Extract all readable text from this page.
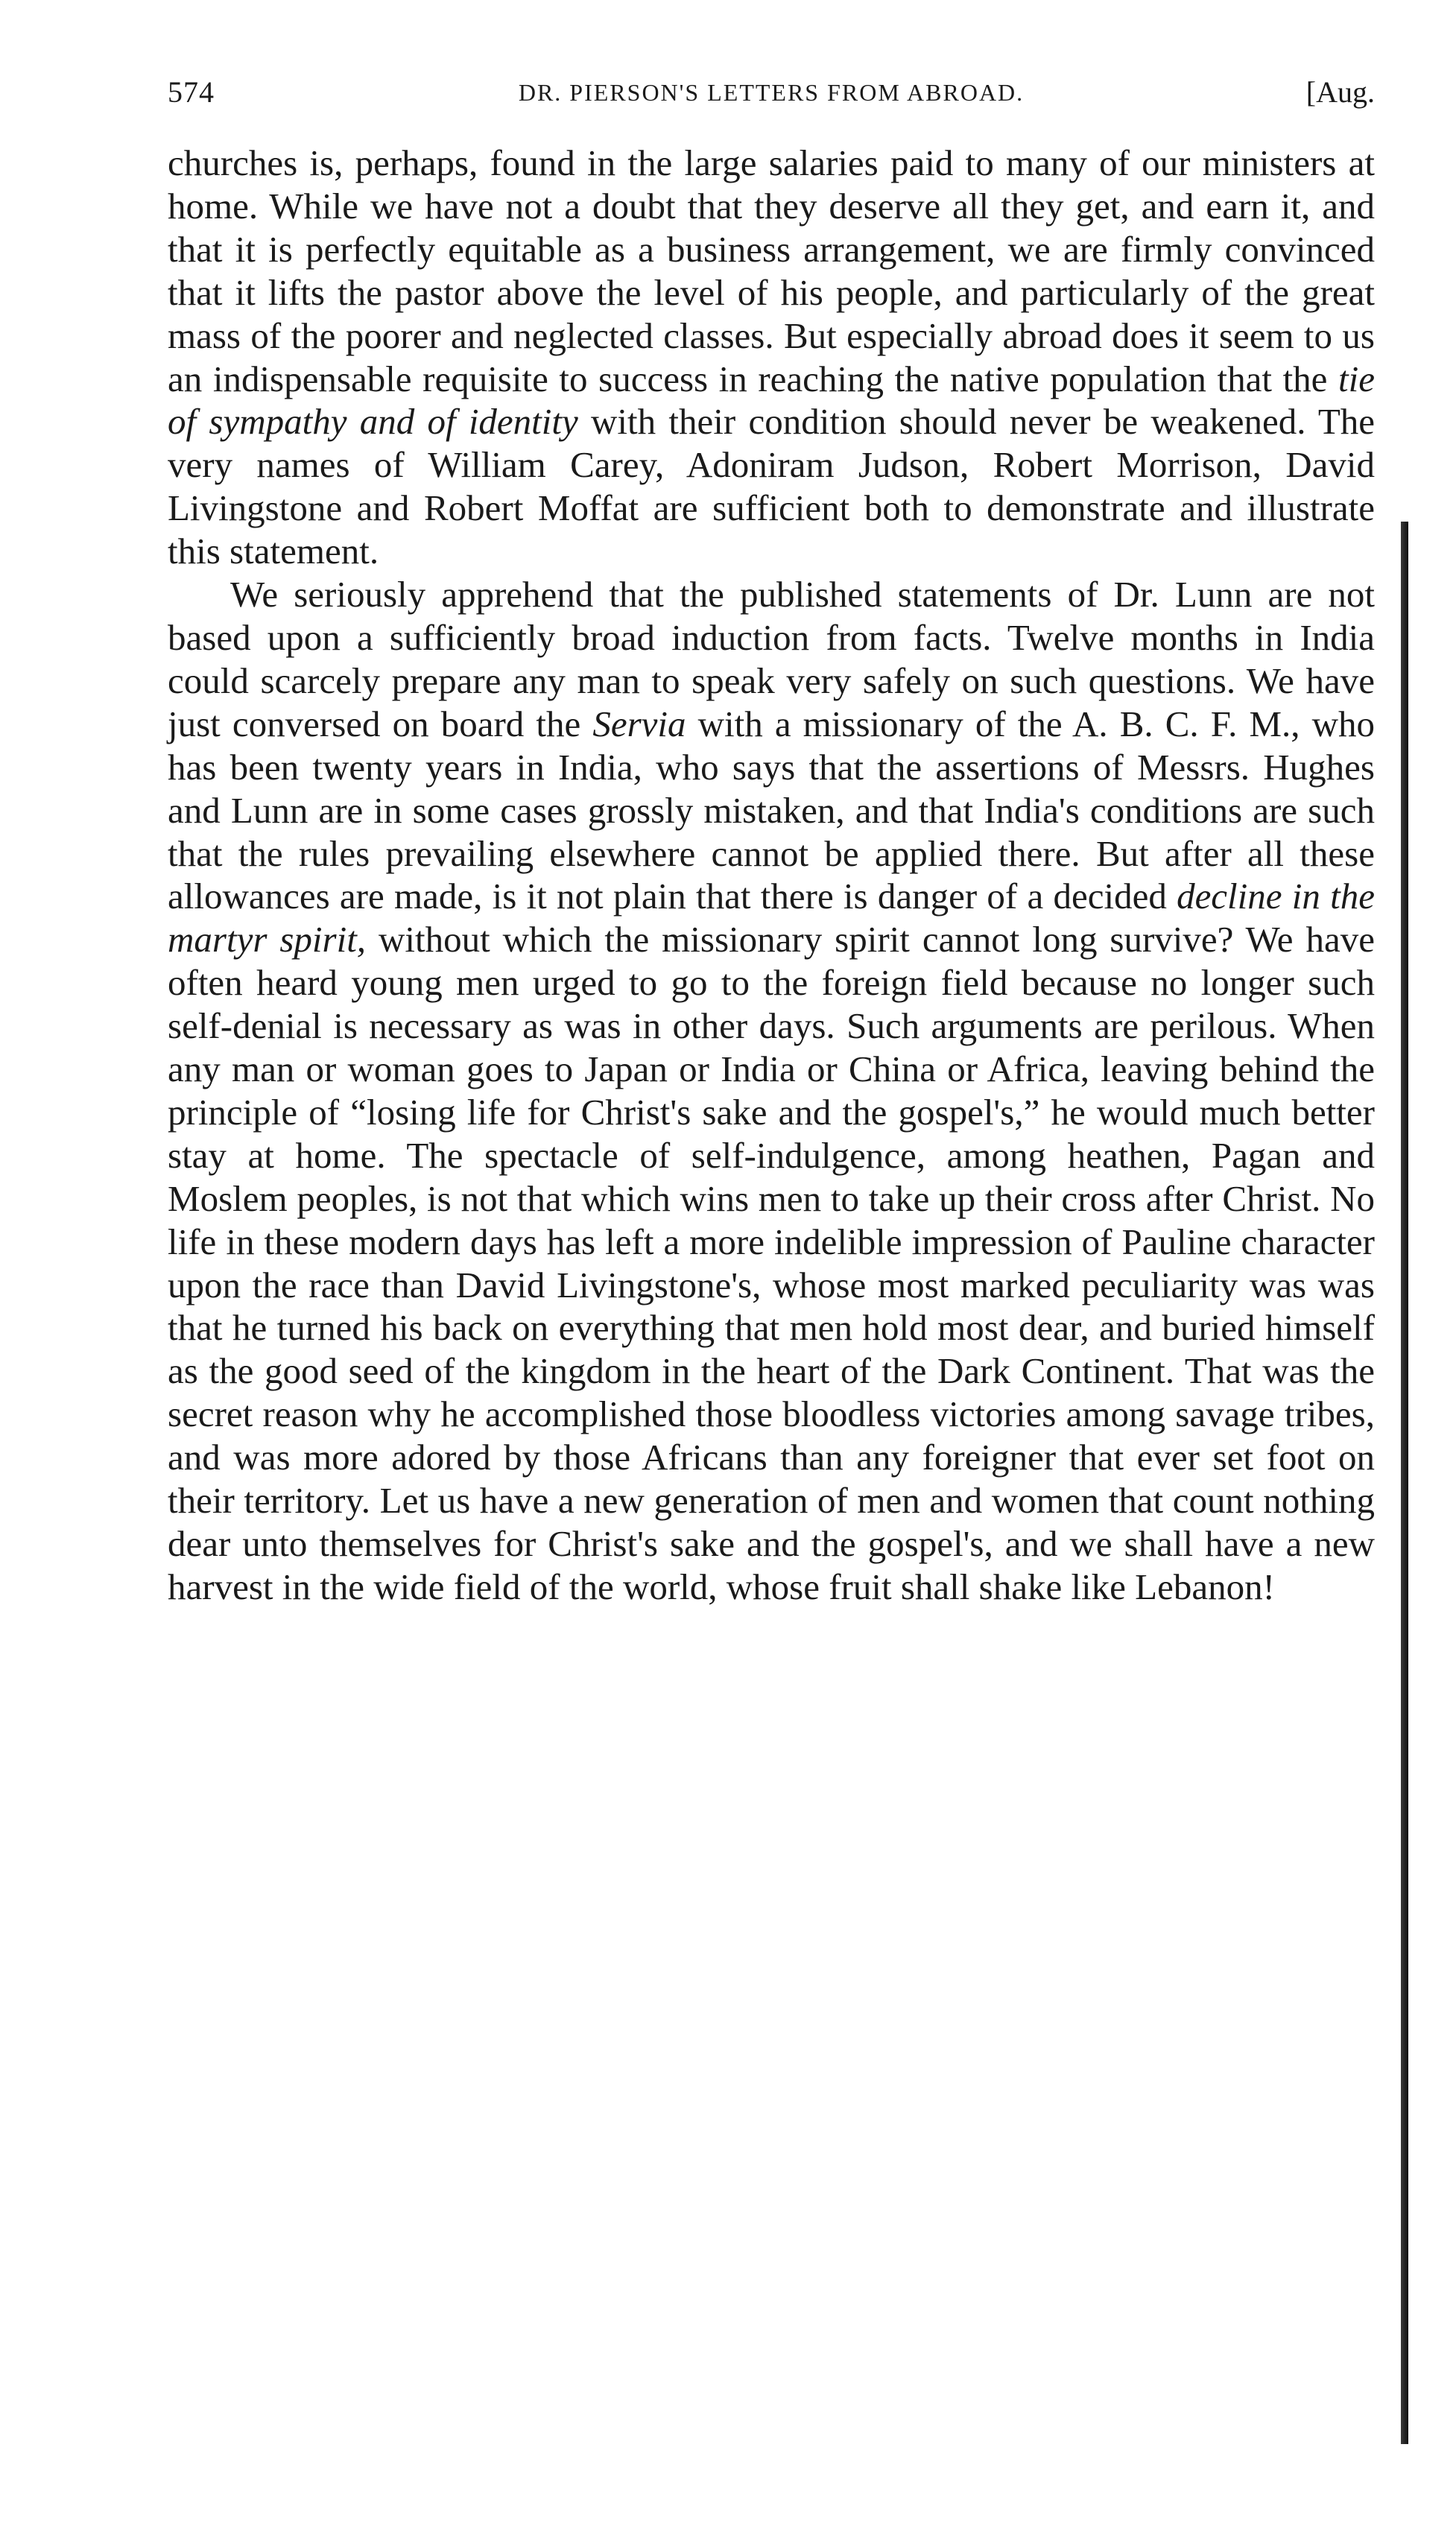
574	DR. PIERSON'S LETTERS FROM ABROAD.	[Aug.

churches is, perhaps, found in the large salaries paid to many of our ministers at home. While we have not a doubt that they deserve all they get, and earn it, and that it is perfectly equitable as a business arrangement, we are firmly convinced that it lifts the pastor above the level of his people, and particularly of the great mass of the poorer and neglected classes. But especially abroad does it seem to us an indispensable requisite to success in reaching the native population that the tie of sympathy and of identity with their condition should never be weakened. The very names of William Carey, Adoniram Judson, Robert Morrison, David Livingstone and Robert Moffat are sufficient both to demonstrate and illustrate this statement.

We seriously apprehend that the published statements of Dr. Lunn are not based upon a sufficiently broad induction from facts. Twelve months in India could scarcely prepare any man to speak very safely on such questions. We have just conversed on board the Servia with a missionary of the A. B. C. F. M., who has been twenty years in India, who says that the assertions of Messrs. Hughes and Lunn are in some cases grossly mistaken, and that India's conditions are such that the rules prevailing elsewhere cannot be applied there. But after all these allowances are made, is it not plain that there is danger of a decided decline in the martyr spirit, without which the missionary spirit cannot long survive? We have often heard young men urged to go to the foreign field because no longer such self-denial is necessary as was in other days. Such arguments are perilous. When any man or woman goes to Japan or India or China or Africa, leaving behind the principle of “losing life for Christ's sake and the gospel's,” he would much better stay at home. The spectacle of self-indulgence, among heathen, Pagan and Moslem peoples, is not that which wins men to take up their cross after Christ. No life in these modern days has left a more indelible impression of Pauline character upon the race than David Livingstone's, whose most marked peculiarity was was that he turned his back on everything that men hold most dear, and buried himself as the good seed of the kingdom in the heart of the Dark Continent. That was the secret reason why he accomplished those bloodless victories among savage tribes, and was more adored by those Africans than any foreigner that ever set foot on their territory. Let us have a new generation of men and women that count nothing dear unto themselves for Christ's sake and the gospel's, and we shall have a new harvest in the wide field of the world, whose fruit shall shake like Lebanon!
